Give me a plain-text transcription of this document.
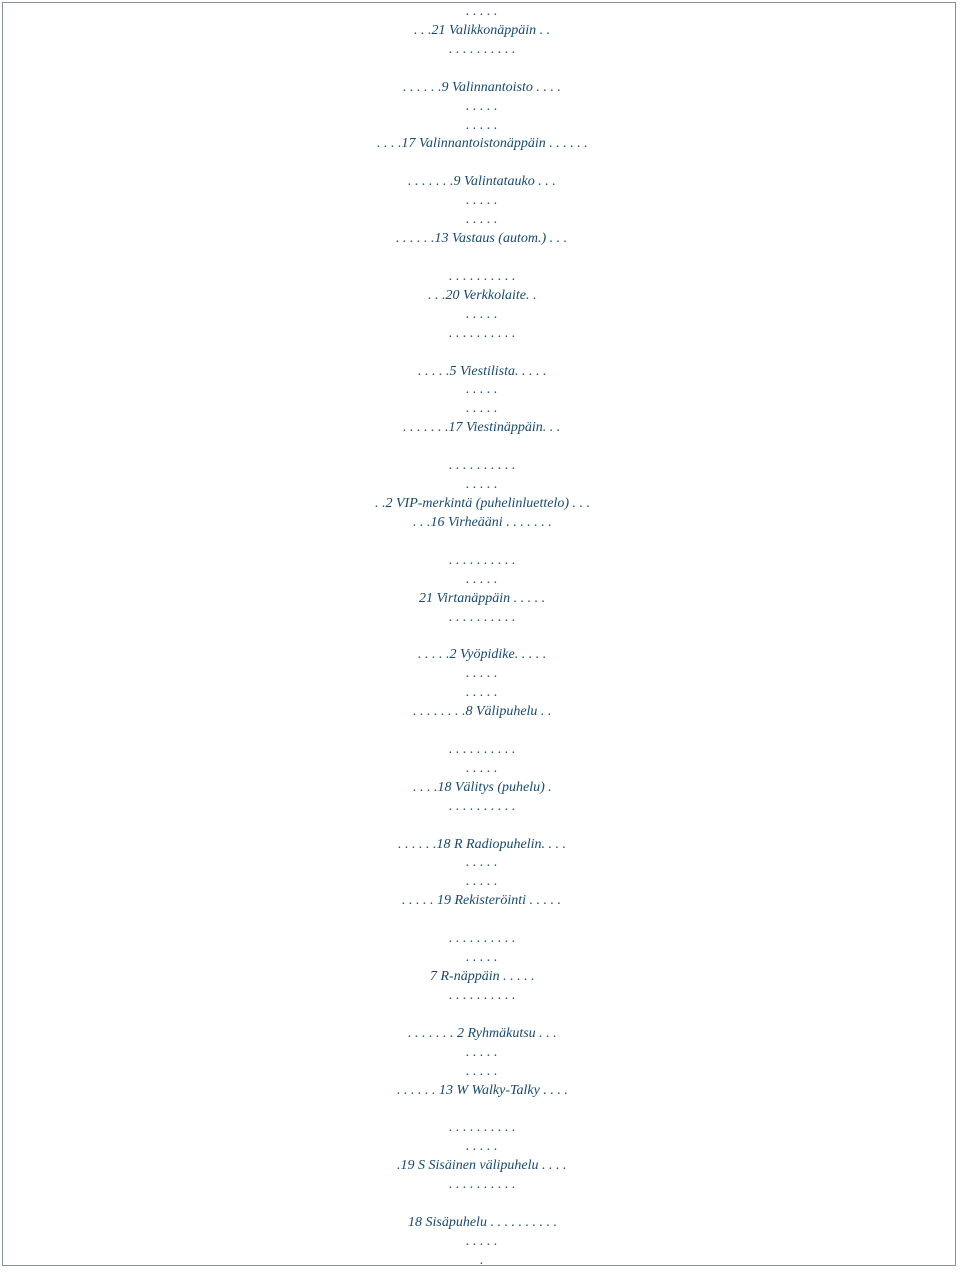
. . . . .
. . .21 Valikkonäppäin . .
. . . . . . . . . .
. . . . . .9 Valinnantoisto . . . .
. . . . .
. . . . .
. . . .17 Valinnantoistonäppäin . . . . . .
. . . . . . .9 Valintatauko . . .
. . . . .
. . . . .
. . . . . .13 Vastaus (autom.) . . .
. . . . . . . . . .
. . .20 Verkkolaite. .
. . . . .
. . . . . . . . . .
. . . . .5 Viestilista. . . . .
. . . . .
. . . . .
. . . . . . .17 Viestinäppäin. . .
. . . . . . . . . .
. . . . .
. .2 VIP-merkintä (puhelinluettelo) . . .
. . .16 Virheääni . . . . . . .
. . . . . . . . . .
. . . . .
21 Virtanäppäin . . . . .
. . . . . . . . . .
. . . . .2 Vyöpidike. . . . .
. . . . .
. . . . .
. . . . . . . .8 Välipuhelu . .
. . . . . . . . . .
. . . . .
. . . .18 Välitys (puhelu) .
. . . . . . . . . .
. . . . . .18 R Radiopuhelin. . . .
. . . . .
. . . . .
. . . . . 19 Rekisteröinti . . . . .
. . . . . . . . . .
. . . . .
7 R-näppäin . . . . .
. . . . . . . . . .
. . . . . . . 2 Ryhmäkutsu . . .
. . . . .
. . . . .
. . . . . . 13 W Walky-Talky . . . .
. . . . . . . . . .
. . . . .
.19 S Sisäinen välipuhelu . . . .
. . . . . . . . . .
18 Sisäpuhelu . . . . . . . . . .
. . . . .
.
